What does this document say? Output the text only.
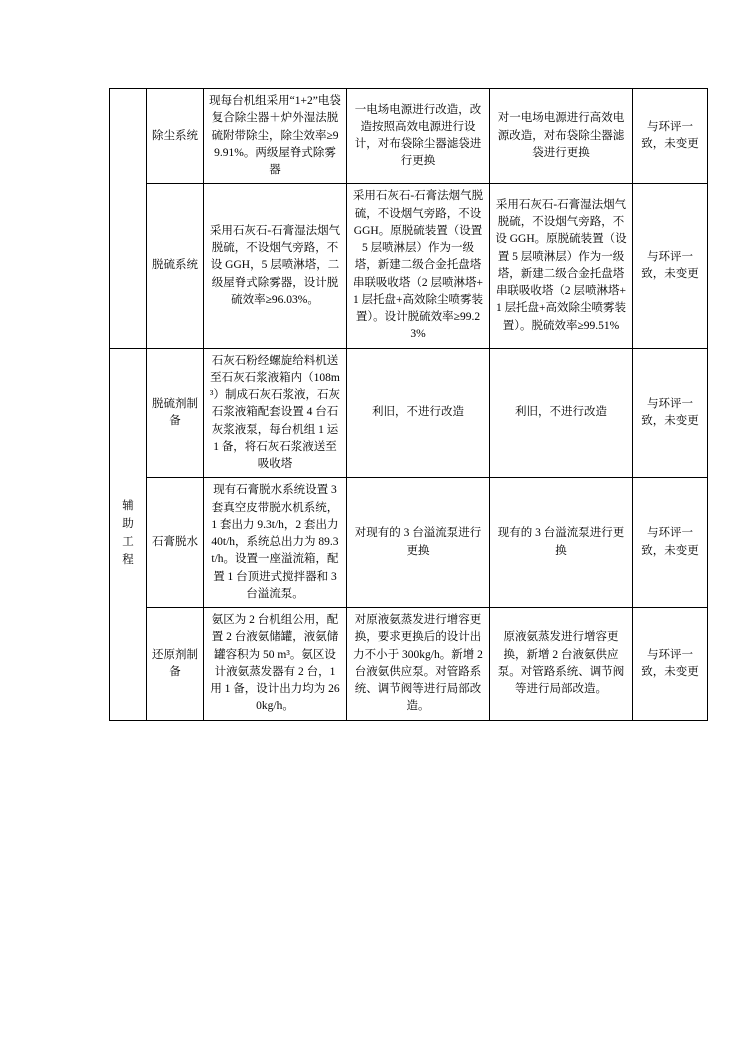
	除尘系统	现每台机组采用“1+2”电袋复合除尘器＋炉外湿法脱硫附带除尘，除尘效率≥99.91%。两级屋脊式除雾器	一电场电源进行改造，改造按照高效电源进行设计，对布袋除尘器滤袋进行更换	对一电场电源进行高效电源改造，对布袋除尘器滤袋进行更换	与环评一致，未变更
	脱硫系统	采用石灰石-石膏湿法烟气脱硫，不设烟气旁路，不设 GGH，5 层喷淋塔，二级屋脊式除雾器，设计脱硫效率≥96.03%。	采用石灰石-石膏法烟气脱硫，不设烟气旁路，不设 GGH。原脱硫装置（设置 5 层喷淋层）作为一级塔，新建二级合金托盘塔串联吸收塔（2 层喷淋塔+1 层托盘+高效除尘喷雾装置）。设计脱硫效率≥99.23%	采用石灰石-石膏湿法烟气脱硫，不设烟气旁路，不设 GGH。原脱硫装置（设置 5 层喷淋层）作为一级塔，新建二级合金托盘塔串联吸收塔（2 层喷淋塔+1 层托盘+高效除尘喷雾装置）。脱硫效率≥99.51%	与环评一致，未变更

辅
助
工
程	脱硫剂制备	石灰石粉经螺旋给料机送至石灰石浆液箱内（108m³）制成石灰石浆液，石灰石浆液箱配套设置 4 台石灰浆液泵，每台机组 1 运 1 备，将石灰石浆液送至吸收塔	利旧，不进行改造	利旧，不进行改造	与环评一致，未变更
	石膏脱水	现有石膏脱水系统设置 3 套真空皮带脱水机系统，1 套出力 9.3t/h，2 套出力 40t/h，系统总出力为 89.3t/h。设置一座溢流箱，配置 1 台顶进式搅拌器和 3 台溢流泵。	对现有的 3 台溢流泵进行更换	现有的 3 台溢流泵进行更换	与环评一致，未变更
	还原剂制备	氨区为 2 台机组公用，配置 2 台液氨储罐，液氨储罐容积为 50 m³。氨区设计液氨蒸发器有 2 台，1 用 1 备，设计出力均为 260kg/h。	对原液氨蒸发进行增容更换，要求更换后的设计出力不小于 300kg/h。新增 2 台液氨供应泵。对管路系统、调节阀等进行局部改造。	原液氨蒸发进行增容更换，新增 2 台液氨供应泵。对管路系统、调节阀等进行局部改造。	与环评一致，未变更
